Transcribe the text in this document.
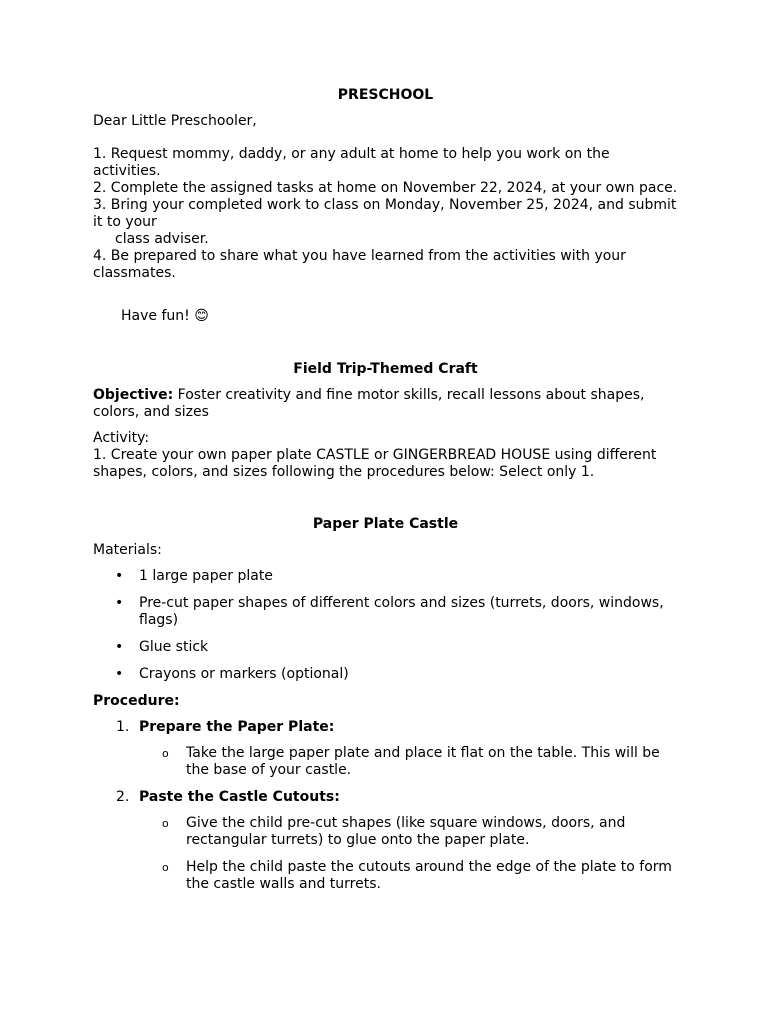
PRESCHOOL

Dear Little Preschooler,

1. Request mommy, daddy, or any adult at home to help you work on the activities.

2. Complete the assigned tasks at home on November 22, 2024, at your own pace.

3. Bring your completed work to class on Monday, November 25, 2024, and submit it to your

class adviser.

4. Be prepared to share what you have learned from the activities with your classmates.

Have fun! 😊

Field Trip-Themed Craft

Objective: Foster creativity and fine motor skills, recall lessons about shapes, colors, and sizes

Activity:

1. Create your own paper plate CASTLE or GINGERBREAD HOUSE using different shapes, colors, and sizes following the procedures below: Select only 1.

Paper Plate Castle

Materials:

• 1 large paper plate
• Pre-cut paper shapes of different colors and sizes (turrets, doors, windows, flags)
• Glue stick
• Crayons or markers (optional)

Procedure:

1. Prepare the Paper Plate:
o Take the large paper plate and place it flat on the table. This will be the base of your castle.
2. Paste the Castle Cutouts:
o Give the child pre-cut shapes (like square windows, doors, and rectangular turrets) to glue onto the paper plate.
o Help the child paste the cutouts around the edge of the plate to form the castle walls and turrets.
